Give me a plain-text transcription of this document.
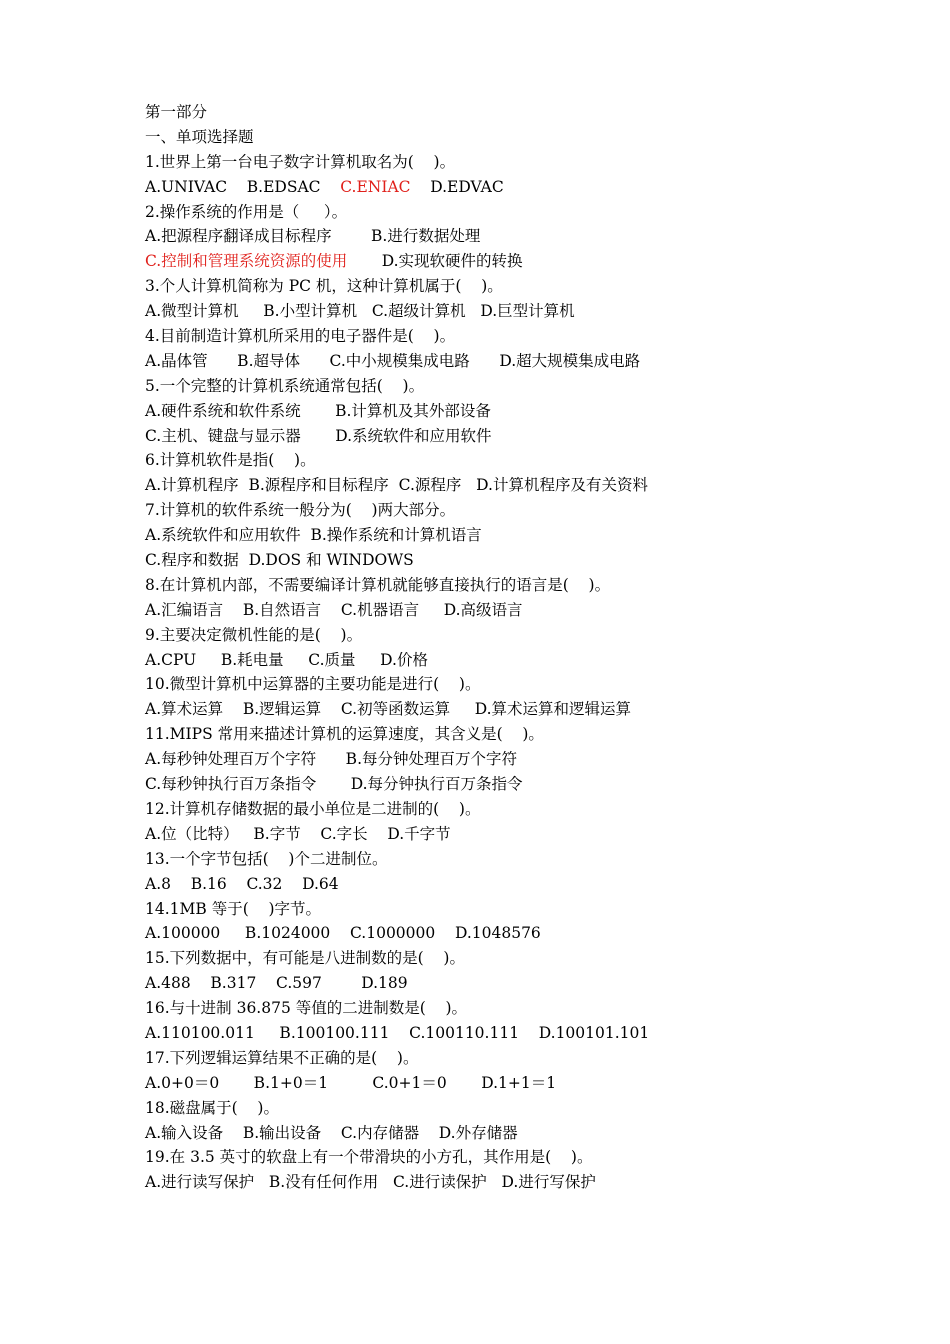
第一部分
一、单项选择题
1.世界上第一台电子数字计算机取名为(    )。
A.UNIVAC    B.EDSAC    C.ENIAC    D.EDVAC
2.操作系统的作用是（     ）。
A.把源程序翻译成目标程序        B.进行数据处理
C.控制和管理系统资源的使用       D.实现软硬件的转换
3.个人计算机简称为 PC 机，这种计算机属于(    )。
A.微型计算机     B.小型计算机   C.超级计算机   D.巨型计算机
4.目前制造计算机所采用的电子器件是(    )。
A.晶体管      B.超导体      C.中小规模集成电路      D.超大规模集成电路
5.一个完整的计算机系统通常包括(    )。
A.硬件系统和软件系统       B.计算机及其外部设备
C.主机、键盘与显示器       D.系统软件和应用软件
6.计算机软件是指(    )。
A.计算机程序  B.源程序和目标程序  C.源程序   D.计算机程序及有关资料
7.计算机的软件系统一般分为(    )两大部分。
A.系统软件和应用软件  B.操作系统和计算机语言
C.程序和数据  D.DOS 和 WINDOWS
8.在计算机内部，不需要编译计算机就能够直接执行的语言是(    )。
A.汇编语言    B.自然语言    C.机器语言     D.高级语言
9.主要决定微机性能的是(    )。
A.CPU     B.耗电量     C.质量     D.价格
10.微型计算机中运算器的主要功能是进行(    )。
A.算术运算    B.逻辑运算    C.初等函数运算     D.算术运算和逻辑运算
11.MIPS 常用来描述计算机的运算速度，其含义是(    )。
A.每秒钟处理百万个字符      B.每分钟处理百万个字符
C.每秒钟执行百万条指令       D.每分钟执行百万条指令
12.计算机存储数据的最小单位是二进制的(    )。
A.位（比特）   B.字节    C.字长    D.千字节
13.一个字节包括(    )个二进制位。
A.8    B.16    C.32    D.64
14.1MB 等于(    )字节。
A.100000     B.1024000    C.1000000    D.1048576
15.下列数据中，有可能是八进制数的是(    )。
A.488    B.317    C.597        D.189
16.与十进制 36.875 等值的二进制数是(    )。
A.110100.011     B.100100.111    C.100110.111    D.100101.101
17.下列逻辑运算结果不正确的是(    )。
A.0+0＝0       B.1+0＝1         C.0+1＝0       D.1+1＝1
18.磁盘属于(    )。
A.输入设备    B.输出设备    C.内存储器    D.外存储器
19.在 3.5 英寸的软盘上有一个带滑块的小方孔，其作用是(    )。
A.进行读写保护   B.没有任何作用   C.进行读保护   D.进行写保护
